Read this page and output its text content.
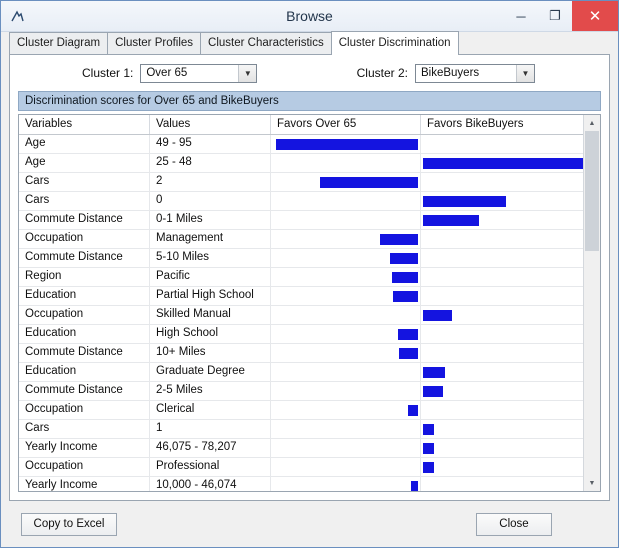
Browse	─	❐	✕
Cluster Diagram	Cluster Profiles	Cluster Characteristics	Cluster Discrimination
Cluster 1: Over 65	▼	Cluster 2: BikeBuyers	▼
Discrimination scores for Over 65 and BikeBuyers
Variables	Values	Favors Over 65	Favors BikeBuyers
Age	49 - 95
Age	25 - 48
Cars	2
Cars	0
Commute Distance	0-1 Miles
Occupation	Management
Commute Distance	5-10 Miles
Region	Pacific
Education	Partial High School
Occupation	Skilled Manual
Education	High School
Commute Distance	10+ Miles
Education	Graduate Degree
Commute Distance	2-5 Miles
Occupation	Clerical
Cars	1
Yearly Income	46,075 - 78,207
Occupation	Professional
Yearly Income	10,000 - 46,074
▲
▼
Copy to Excel	Close
